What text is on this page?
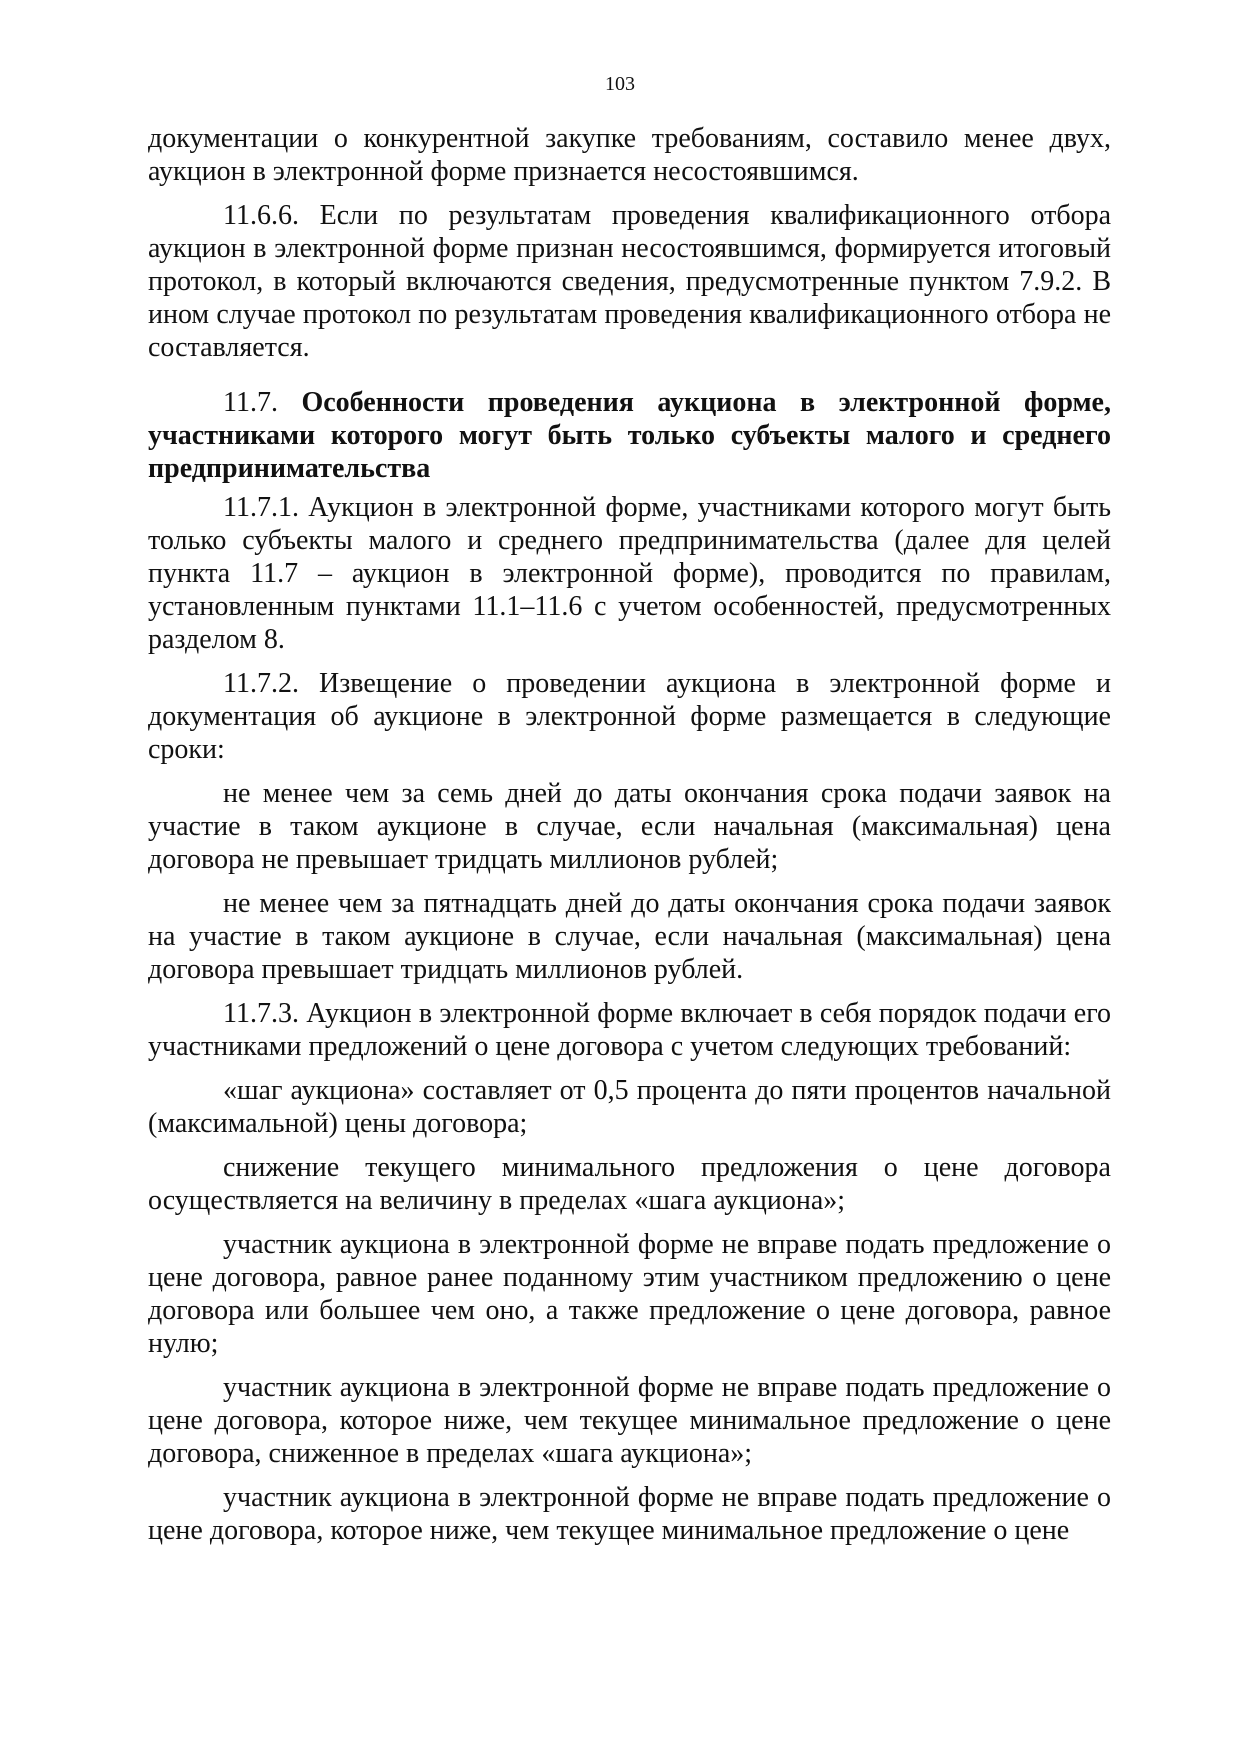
103

документации о конкурентной закупке требованиям, составило менее двух, аукцион в электронной форме признается несостоявшимся.

11.6.6. Если по результатам проведения квалификационного отбора аукцион в электронной форме признан несостоявшимся, формируется итоговый протокол, в который включаются сведения, предусмотренные пунктом 7.9.2. В ином случае протокол по результатам проведения квалификационного отбора не составляется.

11.7. Особенности проведения аукциона в электронной форме, участниками которого могут быть только субъекты малого и среднего предпринимательства

11.7.1. Аукцион в электронной форме, участниками которого могут быть только субъекты малого и среднего предпринимательства (далее для целей пункта 11.7 – аукцион в электронной форме), проводится по правилам, установленным пунктами 11.1–11.6 с учетом особенностей, предусмотренных разделом 8.

11.7.2. Извещение о проведении аукциона в электронной форме и документация об аукционе в электронной форме размещается в следующие сроки:

не менее чем за семь дней до даты окончания срока подачи заявок на участие в таком аукционе в случае, если начальная (максимальная) цена договора не превышает тридцать миллионов рублей;

не менее чем за пятнадцать дней до даты окончания срока подачи заявок на участие в таком аукционе в случае, если начальная (максимальная) цена договора превышает тридцать миллионов рублей.

11.7.3. Аукцион в электронной форме включает в себя порядок подачи его участниками предложений о цене договора с учетом следующих требований:

«шаг аукциона» составляет от 0,5 процента до пяти процентов начальной (максимальной) цены договора;

снижение текущего минимального предложения о цене договора осуществляется на величину в пределах «шага аукциона»;

участник аукциона в электронной форме не вправе подать предложение о цене договора, равное ранее поданному этим участником предложению о цене договора или большее чем оно, а также предложение о цене договора, равное нулю;

участник аукциона в электронной форме не вправе подать предложение о цене договора, которое ниже, чем текущее минимальное предложение о цене договора, сниженное в пределах «шага аукциона»;

участник аукциона в электронной форме не вправе подать предложение о цене договора, которое ниже, чем текущее минимальное предложение о цене
